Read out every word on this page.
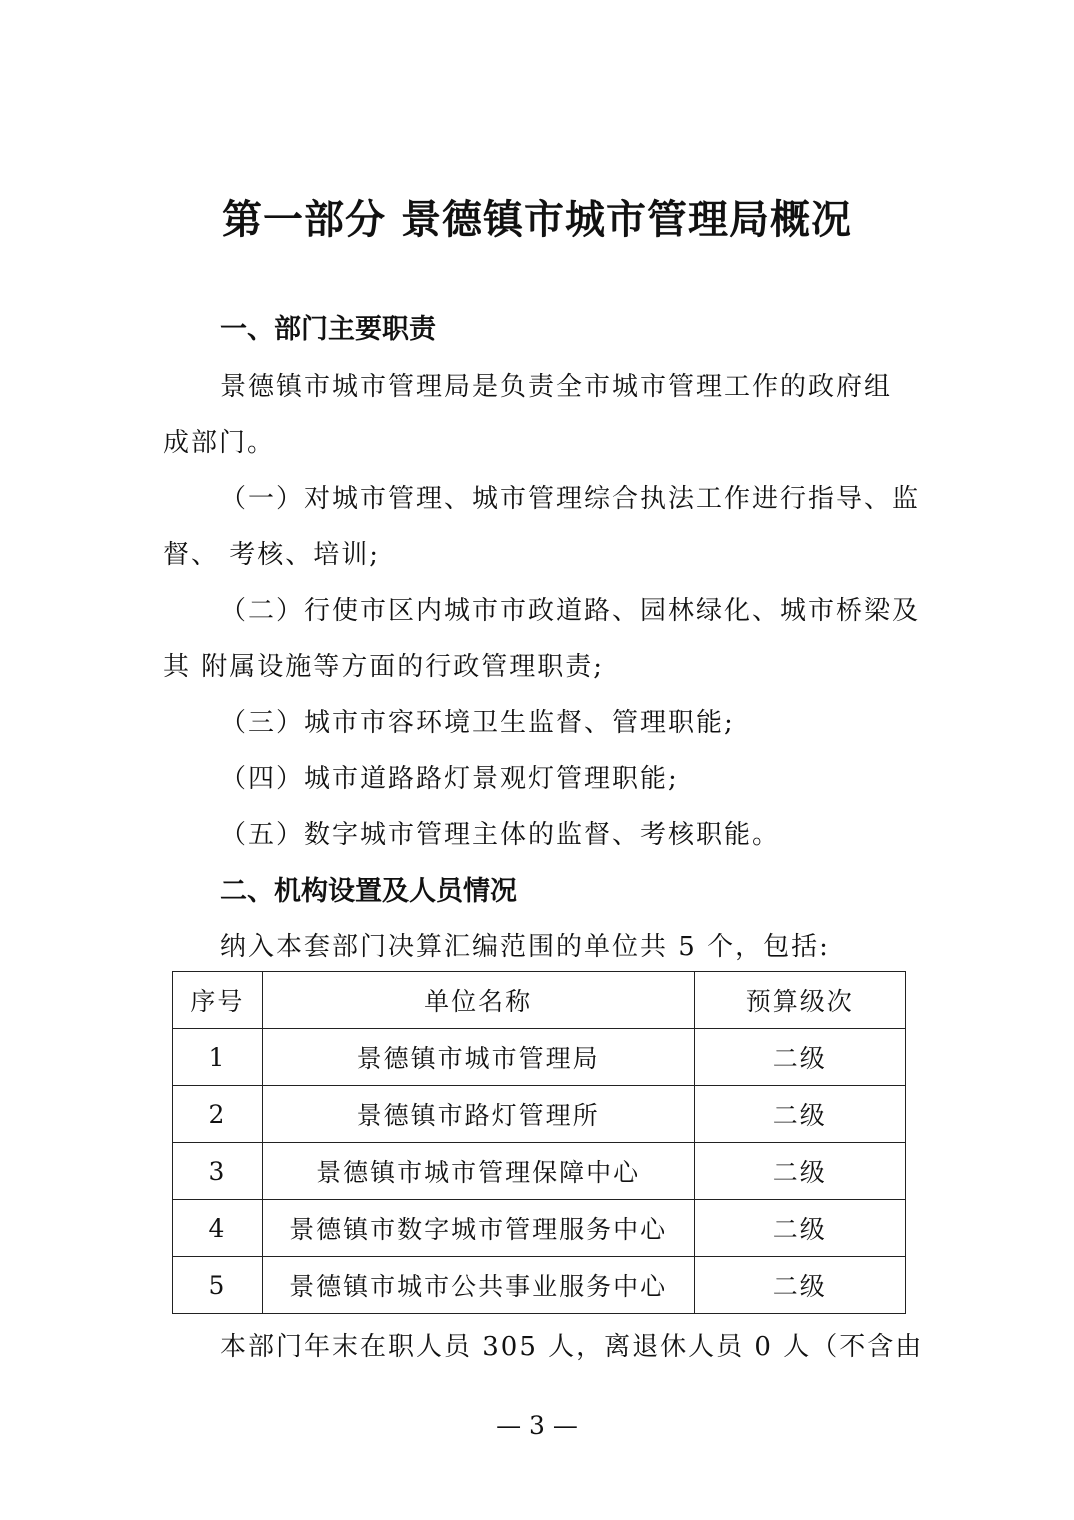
第一部分 景德镇市城市管理局概况
一、部门主要职责

景德镇市城市管理局是负责全市城市管理工作的政府组

成部门。

（一）对城市管理、城市管理综合执法工作进行指导、监

督、 考核、培训;

（二）行使市区内城市市政道路、园林绿化、城市桥梁及

其 附属设施等方面的行政管理职责;

（三）城市市容环境卫生监督、管理职能;

（四）城市道路路灯景观灯管理职能;

（五）数字城市管理主体的监督、考核职能。

二、机构设置及人员情况

纳入本套部门决算汇编范围的单位共 5 个，包括:

序号	单位名称	预算级次
1	景德镇市城市管理局	二级
2	景德镇市路灯管理所	二级
3	景德镇市城市管理保障中心	二级
4	景德镇市数字城市管理服务中心	二级
5	景德镇市城市公共事业服务中心	二级

本部门年末在职人员 305 人，离退休人员 0 人（不含由

— 3 —
